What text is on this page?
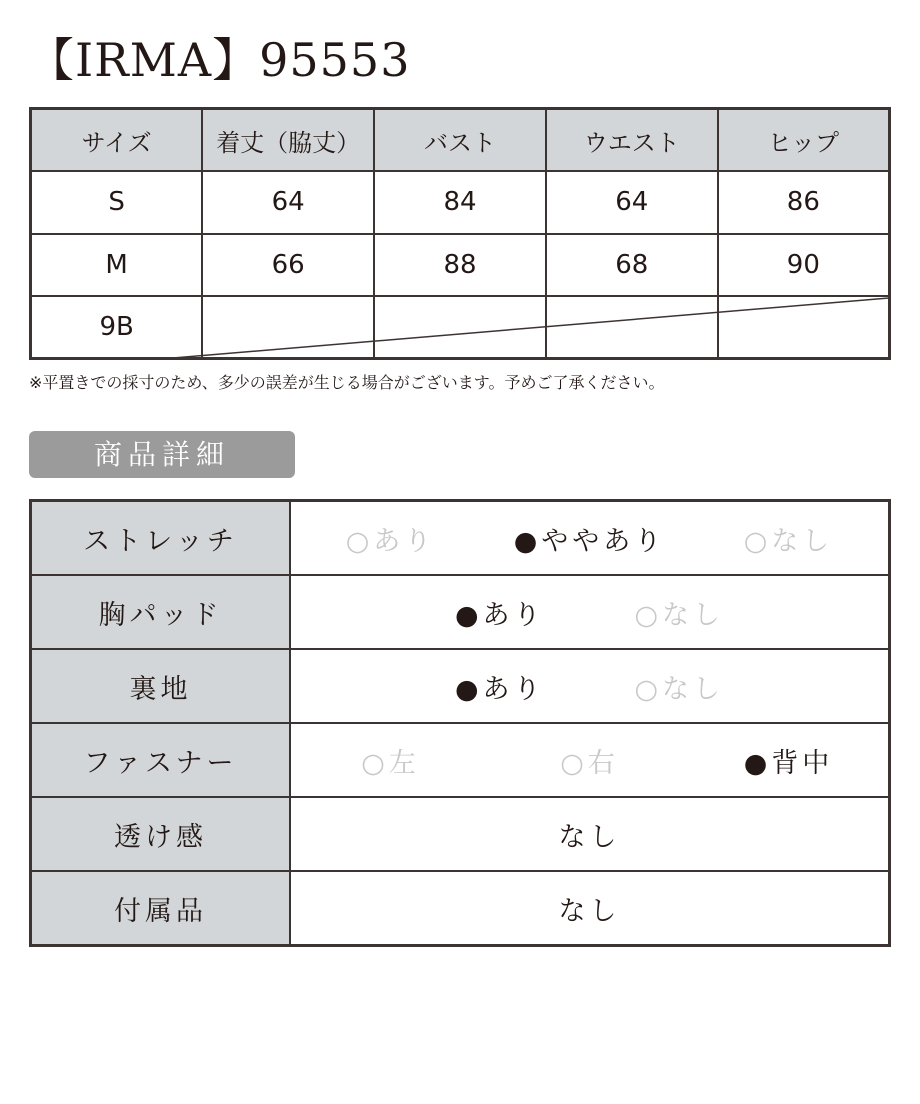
【IRMA】95553
サイズ	着丈（脇丈）	バスト	ウエスト	ヒップ
S	64	84	64	86
M	66	88	68	90
9B				
※平置きでの採寸のため、多少の誤差が生じる場合がございます。予めご了承ください。
商品詳細
ストレッチ	○あり ●ややあり ○なし

胸パッド	●あり ○なし

裏地	●あり ○なし

ファスナー	○左 ○右 ●背中

透け感	なし

付属品	なし
